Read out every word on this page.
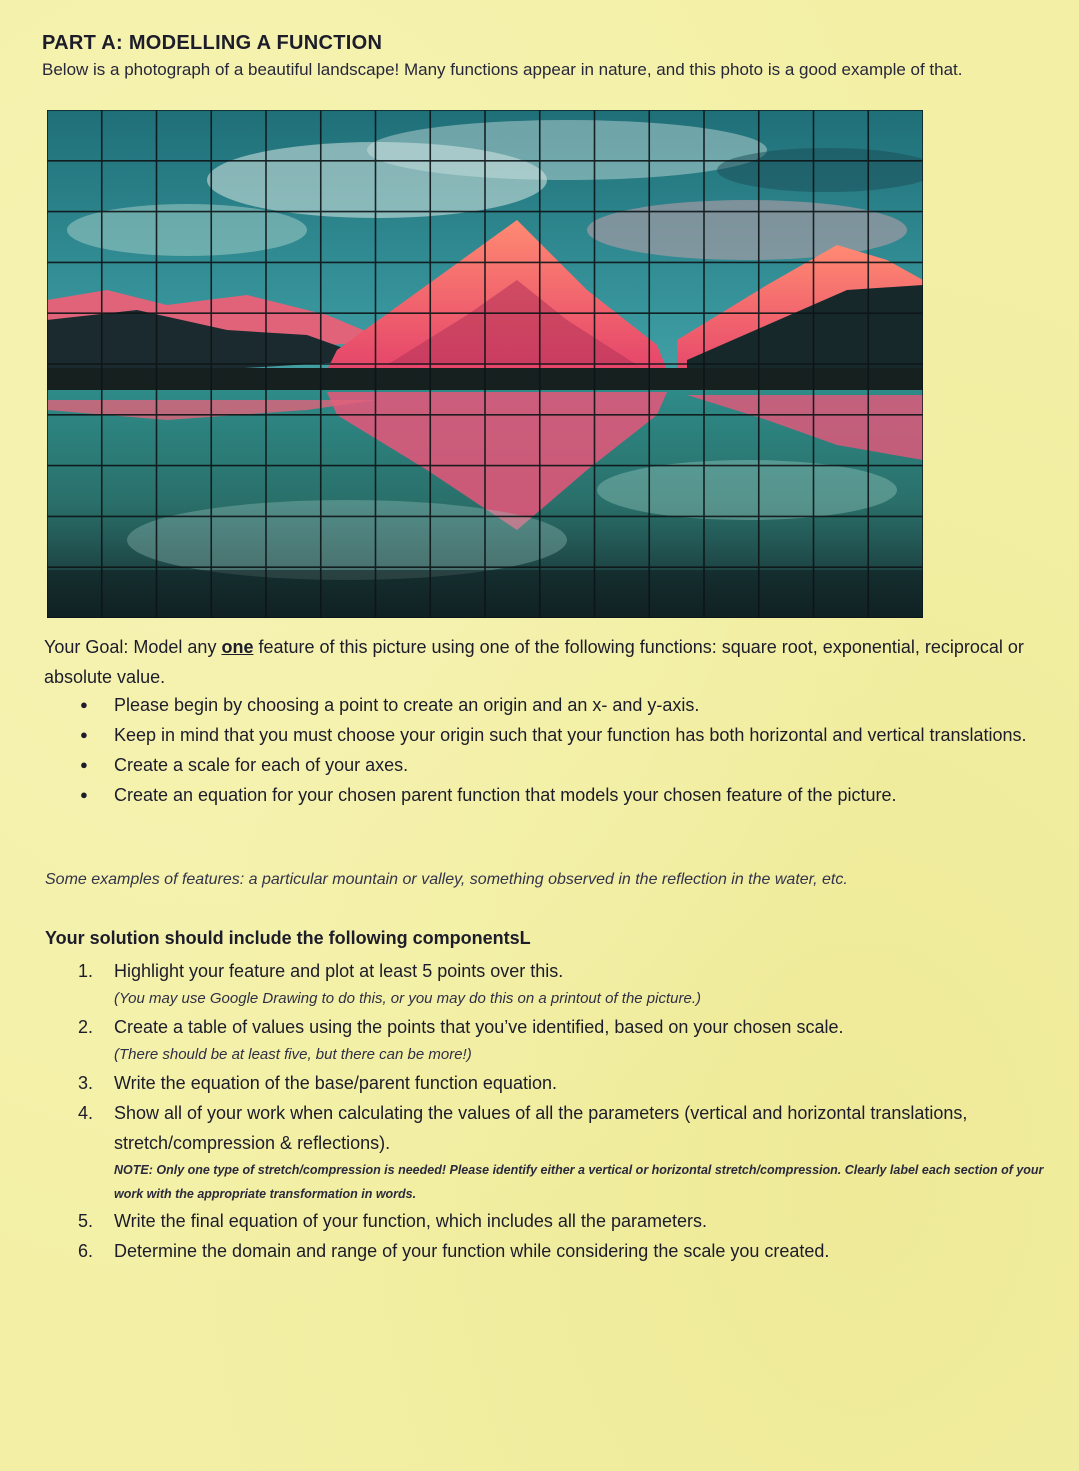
PART A: MODELLING A FUNCTION
Below is a photograph of a beautiful landscape! Many functions appear in nature, and this photo is a good example of that.
Your Goal: Model any one feature of this picture using one of the following functions: square root, exponential, reciprocal or absolute value.
● Please begin by choosing a point to create an origin and an x- and y-axis.
● Keep in mind that you must choose your origin such that your function has both horizontal and vertical translations.
● Create a scale for each of your axes.
● Create an equation for your chosen parent function that models your chosen feature of the picture.
Some examples of features: a particular mountain or valley, something observed in the reflection in the water, etc.
Your solution should include the following componentsL
1. Highlight your feature and plot at least 5 points over this.
(You may use Google Drawing to do this, or you may do this on a printout of the picture.)
2. Create a table of values using the points that you’ve identified, based on your chosen scale.
(There should be at least five, but there can be more!)
3. Write the equation of the base/parent function equation.
4. Show all of your work when calculating the values of all the parameters (vertical and horizontal translations, stretch/compression & reflections).
NOTE: Only one type of stretch/compression is needed! Please identify either a vertical or horizontal stretch/compression. Clearly label each section of your work with the appropriate transformation in words.
5. Write the final equation of your function, which includes all the parameters.
6. Determine the domain and range of your function while considering the scale you created.
